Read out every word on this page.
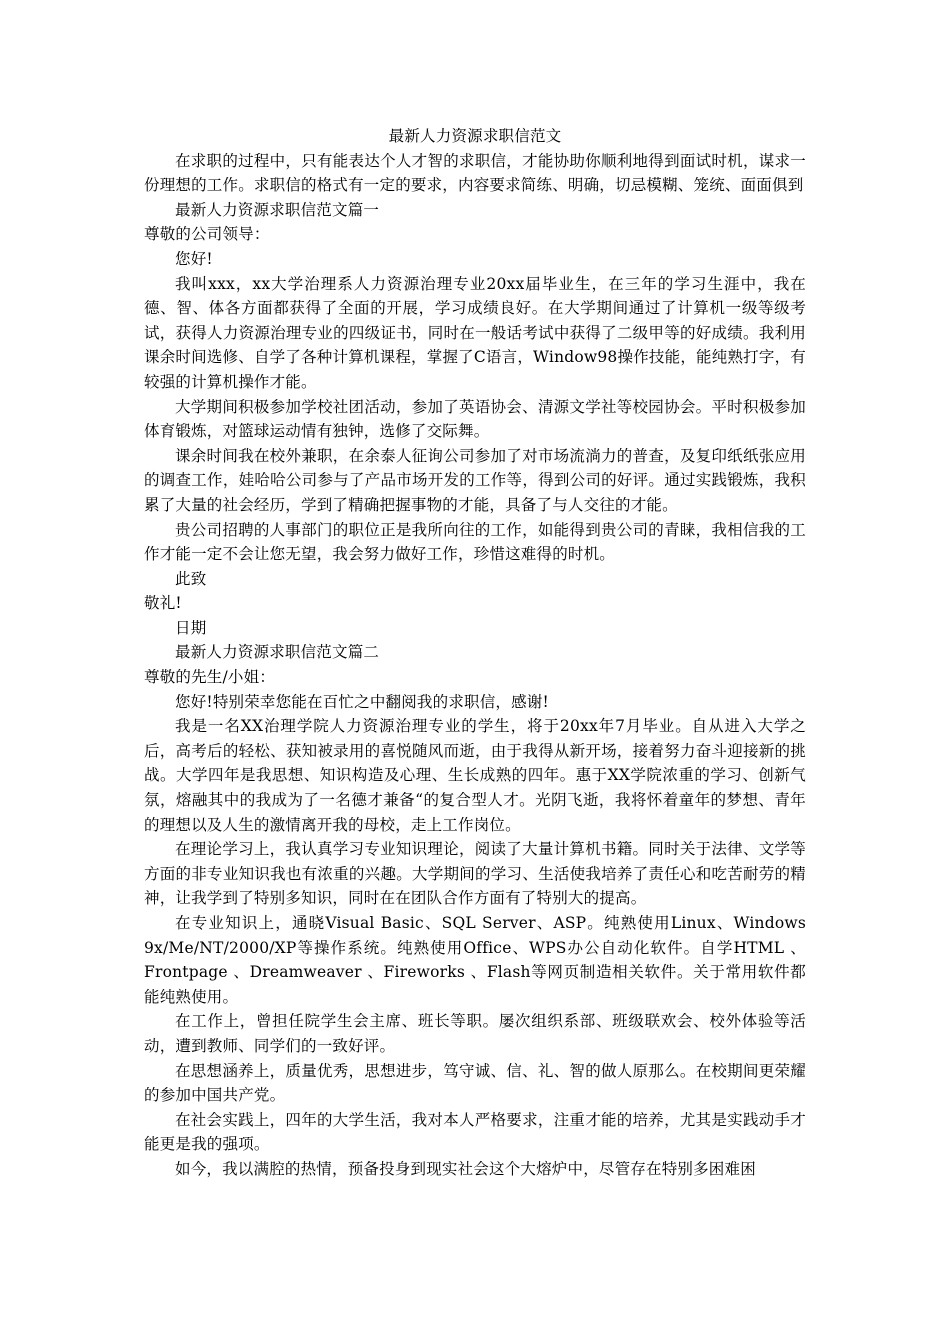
最新人力资源求职信范文

在求职的过程中，只有能表达个人才智的求职信，才能协助你顺利地得到面试时机，谋求一份理想的工作。求职信的格式有一定的要求，内容要求简练、明确，切忌模糊、笼统、面面俱到

最新人力资源求职信范文篇一

尊敬的公司领导：

您好!

我叫xxx，xx大学治理系人力资源治理专业20xx届毕业生，在三年的学习生涯中，我在德、智、体各方面都获得了全面的开展，学习成绩良好。在大学期间通过了计算机一级等级考试，获得人力资源治理专业的四级证书，同时在一般话考试中获得了二级甲等的好成绩。我利用课余时间选修、自学了各种计算机课程，掌握了C语言，Window98操作技能，能纯熟打字，有较强的计算机操作才能。

大学期间积极参加学校社团活动，参加了英语协会、清源文学社等校园协会。平时积极参加体育锻炼，对篮球运动情有独钟，选修了交际舞。

课余时间我在校外兼职，在余泰人征询公司参加了对市场流淌力的普查，及复印纸纸张应用的调查工作，娃哈哈公司参与了产品市场开发的工作等，得到公司的好评。通过实践锻炼，我积累了大量的社会经历，学到了精确把握事物的才能，具备了与人交往的才能。

贵公司招聘的人事部门的职位正是我所向往的工作，如能得到贵公司的青睐，我相信我的工作才能一定不会让您无望，我会努力做好工作，珍惜这难得的时机。

此致

敬礼!

日期

最新人力资源求职信范文篇二

尊敬的先生/小姐：

您好!特别荣幸您能在百忙之中翻阅我的求职信，感谢!

我是一名XX治理学院人力资源治理专业的学生，将于20xx年7月毕业。自从进入大学之后，高考后的轻松、获知被录用的喜悦随风而逝，由于我得从新开场，接着努力奋斗迎接新的挑战。大学四年是我思想、知识构造及心理、生长成熟的四年。惠于XX学院浓重的学习、创新气氛，熔融其中的我成为了一名德才兼备“的复合型人才。光阴飞逝，我将怀着童年的梦想、青年的理想以及人生的激情离开我的母校，走上工作岗位。

在理论学习上，我认真学习专业知识理论，阅读了大量计算机书籍。同时关于法律、文学等方面的非专业知识我也有浓重的兴趣。大学期间的学习、生活使我培养了责任心和吃苦耐劳的精神，让我学到了特别多知识，同时在在团队合作方面有了特别大的提高。

在专业知识上，通晓Visual Basic、SQL Server、ASP。纯熟使用Linux、Windows 9x/Me/NT/2000/XP等操作系统。纯熟使用Office、WPS办公自动化软件。自学HTML 、Frontpage 、Dreamweaver 、Fireworks 、Flash等网页制造相关软件。关于常用软件都能纯熟使用。

在工作上，曾担任院学生会主席、班长等职。屡次组织系部、班级联欢会、校外体验等活动，遭到教师、同学们的一致好评。

在思想涵养上，质量优秀，思想进步，笃守诚、信、礼、智的做人原那么。在校期间更荣耀的参加中国共产党。

在社会实践上，四年的大学生活，我对本人严格要求，注重才能的培养，尤其是实践动手才能更是我的强项。

如今，我以满腔的热情，预备投身到现实社会这个大熔炉中，尽管存在特别多困难困
